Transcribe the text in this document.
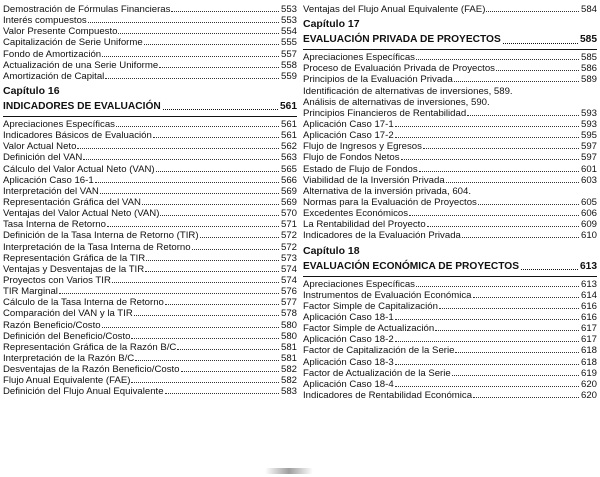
Demostración de Fórmulas Financieras	553
Interés compuestos	553
Valor Presente Compuesto	554
Capitalización de Serie Uniforme	555
Fondo de Amortización	557
Actualización de una Serie Uniforme	558
Amortización de Capital	559
Capítulo 16
INDICADORES DE EVALUACIÓN	561
Apreciaciones Específicas	561
Indicadores Básicos de Evaluación	561
Valor Actual Neto	562
Definición del VAN	563
Cálculo del Valor Actual Neto (VAN)	565
Aplicación Caso 16-1	566
Interpretación del VAN	569
Representación Gráfica del VAN	569
Ventajas del Valor Actual Neto (VAN)	570
Tasa Interna de Retorno	571
Definición de la Tasa Interna de Retorno (TIR)	572
Interpretación de la Tasa Interna de Retorno	572
Representación Gráfica de la TIR	573
Ventajas y Desventajas de la TIR	574
Proyectos con Varios TIR	574
TIR Marginal	576
Cálculo de la Tasa Interna de Retorno	577
Comparación del VAN y la TIR	578
Razón Beneficio/Costo	580
Definición del Beneficio/Costo	580
Representación Gráfica de la Razón B/C	581
Interpretación de la Razón B/C	581
Desventajas de la Razón Beneficio/Costo	582
Flujo Anual Equivalente (FAE)	582
Definición del Flujo Anual Equivalente	583
Ventajas del Flujo Anual Equivalente (FAE)	584
Capítulo 17
EVALUACIÓN PRIVADA DE PROYECTOS	585
Apreciaciones Específicas	585
Proceso de Evaluación Privada de Proyectos	586
Principios de la Evaluación Privada	589
Identificación de alternativas de inversiones, 589.
Análisis de alternativas de inversiones, 590.
Principios Financieros de Rentabilidad	593
Aplicación Caso 17-1	593
Aplicación Caso 17-2	595
Flujo de Ingresos y Egresos	597
Flujo de Fondos Netos	597
Estado de Flujo de Fondos	601
Viabilidad de la Inversión Privada	603
Alternativa de la inversión privada, 604.
Normas para la Evaluación de Proyectos	605
Excedentes Económicos	606
La Rentabilidad del Proyecto	609
Indicadores de la Evaluación Privada	610
Capítulo 18
EVALUACIÓN ECONÓMICA DE PROYECTOS	613
Apreciaciones Específicas	613
Instrumentos de Evaluación Económica	614
Factor Simple de Capitalización	616
Aplicación Caso 18-1	616
Factor Simple de Actualización	617
Aplicación Caso 18-2	617
Factor de Capitalización de la Serie	618
Aplicación Caso 18-3	618
Factor de Actualización de la Serie	619
Aplicación Caso 18-4	620
Indicadores de Rentabilidad Económica	620
